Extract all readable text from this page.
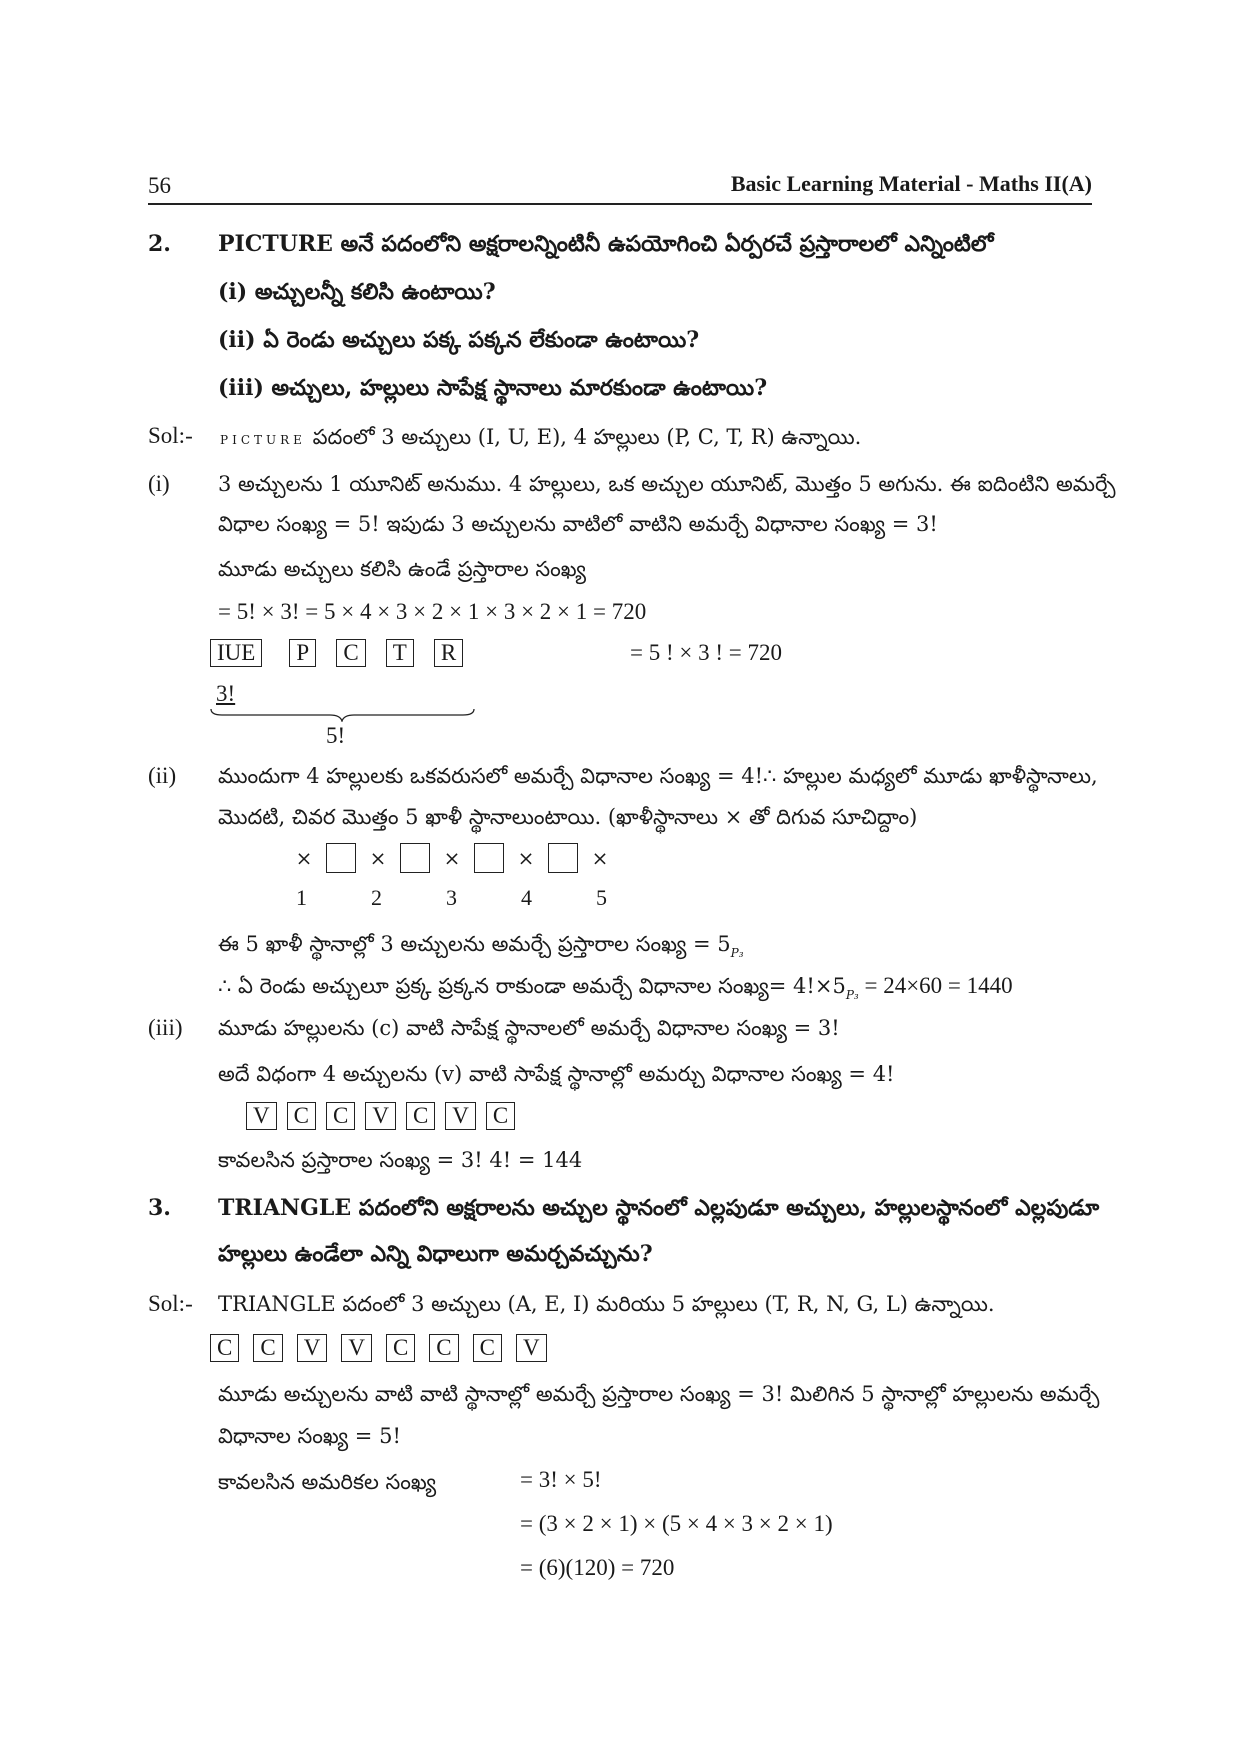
56	Basic Learning Material - Maths II(A)
2. PICTURE అనే పదంలోని అక్షరాలన్నింటినీ ఉపయోగించి ఏర్పరచే ప్రస్తారాలలో ఎన్నింటిలో
(i) అచ్చులన్నీ కలిసి ఉంటాయి?
(ii) ఏ రెండు అచ్చులు పక్క పక్కన లేకుండా ఉంటాయి?
(iii) అచ్చులు, హల్లులు సాపేక్ష స్థానాలు మారకుండా ఉంటాయి?
Sol:- PICTURE పదంలో 3 అచ్చులు (I, U, E), 4 హల్లులు (P, C, T, R) ఉన్నాయి.
(i) 3 అచ్చులను 1 యూనిట్ అనుము. 4 హల్లులు, ఒక అచ్చుల యూనిట్, మొత్తం 5 అగును. ఈ ఐదింటిని అమర్చే
విధాల సంఖ్య = 5! ఇపుడు 3 అచ్చులను వాటిలో వాటిని అమర్చే విధానాల సంఖ్య = 3!
మూడు అచ్చులు కలిసి ఉండే ప్రస్తారాల సంఖ్య
= 5! × 3! = 5 × 4 × 3 × 2 × 1 × 3 × 2 × 1 = 720
IUE P C T R	= 5 ! × 3 ! = 720
3!
5!
(ii) ముందుగా 4 హల్లులకు ఒకవరుసలో అమర్చే విధానాల సంఖ్య = 4!∴ హల్లుల మధ్యలో మూడు ఖాళీస్థానాలు,
మొదటి, చివర మొత్తం 5 ఖాళీ స్థానాలుంటాయి. (ఖాళీస్థానాలు × తో దిగువ సూచిద్దాం)
×	×	×	×	×
1	2	3	4	5
ఈ 5 ఖాళీ స్థానాల్లో 3 అచ్చులను అమర్చే ప్రస్తారాల సంఖ్య = $5_{P_3}$
∴ ఏ రెండు అచ్చులూ ప్రక్క ప్రక్కన రాకుండా అమర్చే విధానాల సంఖ్య= $4!\times 5_{P_3} = 24\times 60 = 1440$
(iii) మూడు హల్లులను (c) వాటి సాపేక్ష స్థానాలలో అమర్చే విధానాల సంఖ్య = 3!
అదే విధంగా 4 అచ్చులను (v) వాటి సాపేక్ష స్థానాల్లో అమర్చు విధానాల సంఖ్య = 4!
V C C V C V C
కావలసిన ప్రస్తారాల సంఖ్య = 3! 4! = 144
3. TRIANGLE పదంలోని అక్షరాలను అచ్చుల స్థానంలో ఎల్లపుడూ అచ్చులు, హల్లులస్థానంలో ఎల్లపుడూ
హల్లులు ఉండేలా ఎన్ని విధాలుగా అమర్చవచ్చును?
Sol:- TRIANGLE పదంలో 3 అచ్చులు (A, E, I) మరియు 5 హల్లులు (T, R, N, G, L) ఉన్నాయి.
C C V V C C C V
మూడు అచ్చులను వాటి వాటి స్థానాల్లో అమర్చే ప్రస్తారాల సంఖ్య = 3! మిలిగిన 5 స్థానాల్లో హల్లులను అమర్చే
విధానాల సంఖ్య = 5!
కావలసిన అమరికల సంఖ్య	= 3! × 5!
= (3 × 2 × 1) × (5 × 4 × 3 × 2 × 1)
= (6)(120) = 720
